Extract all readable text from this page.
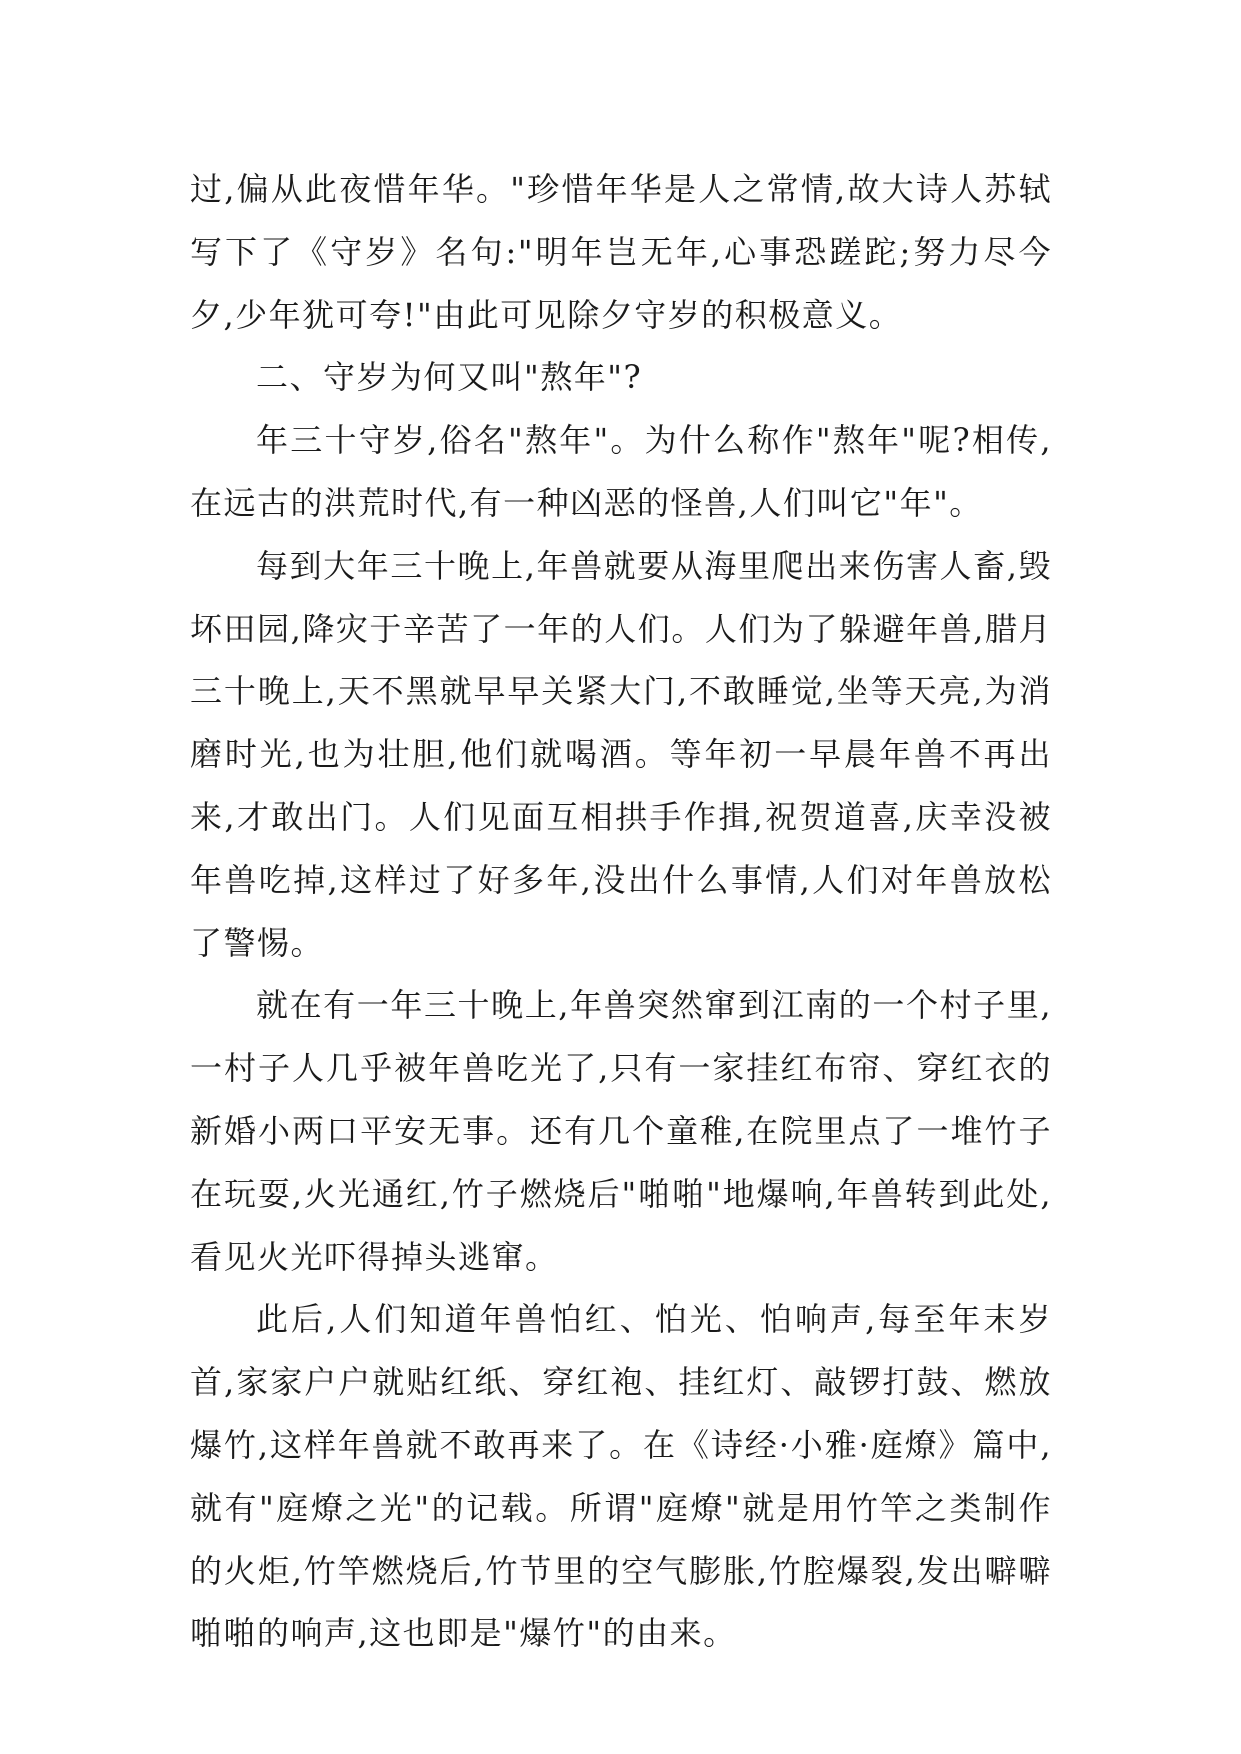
过,偏从此夜惜年华。"珍惜年华是人之常情,故大诗人苏轼写下了《守岁》名句:"明年岂无年,心事恐蹉跎;努力尽今夕,少年犹可夸!"由此可见除夕守岁的积极意义。

二、守岁为何又叫"熬年"?

年三十守岁,俗名"熬年"。为什么称作"熬年"呢?相传,在远古的洪荒时代,有一种凶恶的怪兽,人们叫它"年"。

每到大年三十晚上,年兽就要从海里爬出来伤害人畜,毁坏田园,降灾于辛苦了一年的人们。人们为了躲避年兽,腊月三十晚上,天不黑就早早关紧大门,不敢睡觉,坐等天亮,为消磨时光,也为壮胆,他们就喝酒。等年初一早晨年兽不再出来,才敢出门。人们见面互相拱手作揖,祝贺道喜,庆幸没被年兽吃掉,这样过了好多年,没出什么事情,人们对年兽放松了警惕。

就在有一年三十晚上,年兽突然窜到江南的一个村子里,一村子人几乎被年兽吃光了,只有一家挂红布帘、穿红衣的新婚小两口平安无事。还有几个童稚,在院里点了一堆竹子在玩耍,火光通红,竹子燃烧后"啪啪"地爆响,年兽转到此处,看见火光吓得掉头逃窜。

此后,人们知道年兽怕红、怕光、怕响声,每至年末岁首,家家户户就贴红纸、穿红袍、挂红灯、敲锣打鼓、燃放爆竹,这样年兽就不敢再来了。在《诗经·小雅·庭燎》篇中,就有"庭燎之光"的记载。所谓"庭燎"就是用竹竿之类制作的火炬,竹竿燃烧后,竹节里的空气膨胀,竹腔爆裂,发出噼噼啪啪的响声,这也即是"爆竹"的由来。
